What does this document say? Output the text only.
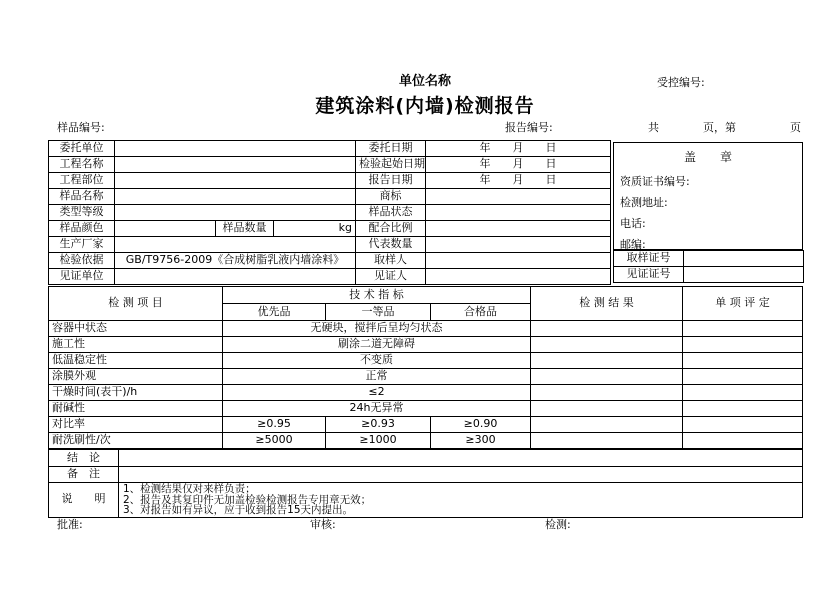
单位名称	受控编号:
建筑涂料(内墙)检测报告
样品编号:	报告编号:	共	页，第	页
委托单位				委托日期	年　　月　　日
工程名称				检验起始日期	年　　月　　日
工程部位				报告日期	年　　月　　日
样品名称				商标	
类型等级				样品状态	
样品颜色		样品数量	kg	配合比例	
生产厂家				代表数量	
检验依据	GB/T9756-2009《合成树脂乳液内墙涂料》			取样人	
见证单位				见证人	
盖　　章
资质证书编号:
检测地址:
电话:
邮编:
取样证号	
见证证号	
检 测 项 目	技 术 指 标			检 测 结 果	单 项 评 定
	优先品	一等品	合格品		
容器中状态	无硬块，搅拌后呈均匀状态				
施工性	刷涂二道无障碍				
低温稳定性	不变质				
涂膜外观	正常				
干燥时间(表干)/h	≤2				
耐碱性	24h无异常				
对比率	≥0.95	≥0.93	≥0.90		
耐洗刷性/次	≥5000	≥1000	≥300		
结　论	
备　注	
说　　明	1、检测结果仅对来样负责；
2、报告及其复印件无加盖检验检测报告专用章无效；
3、对报告如有异议，应于收到报告15天内提出。
批准:	审核:	检测:
